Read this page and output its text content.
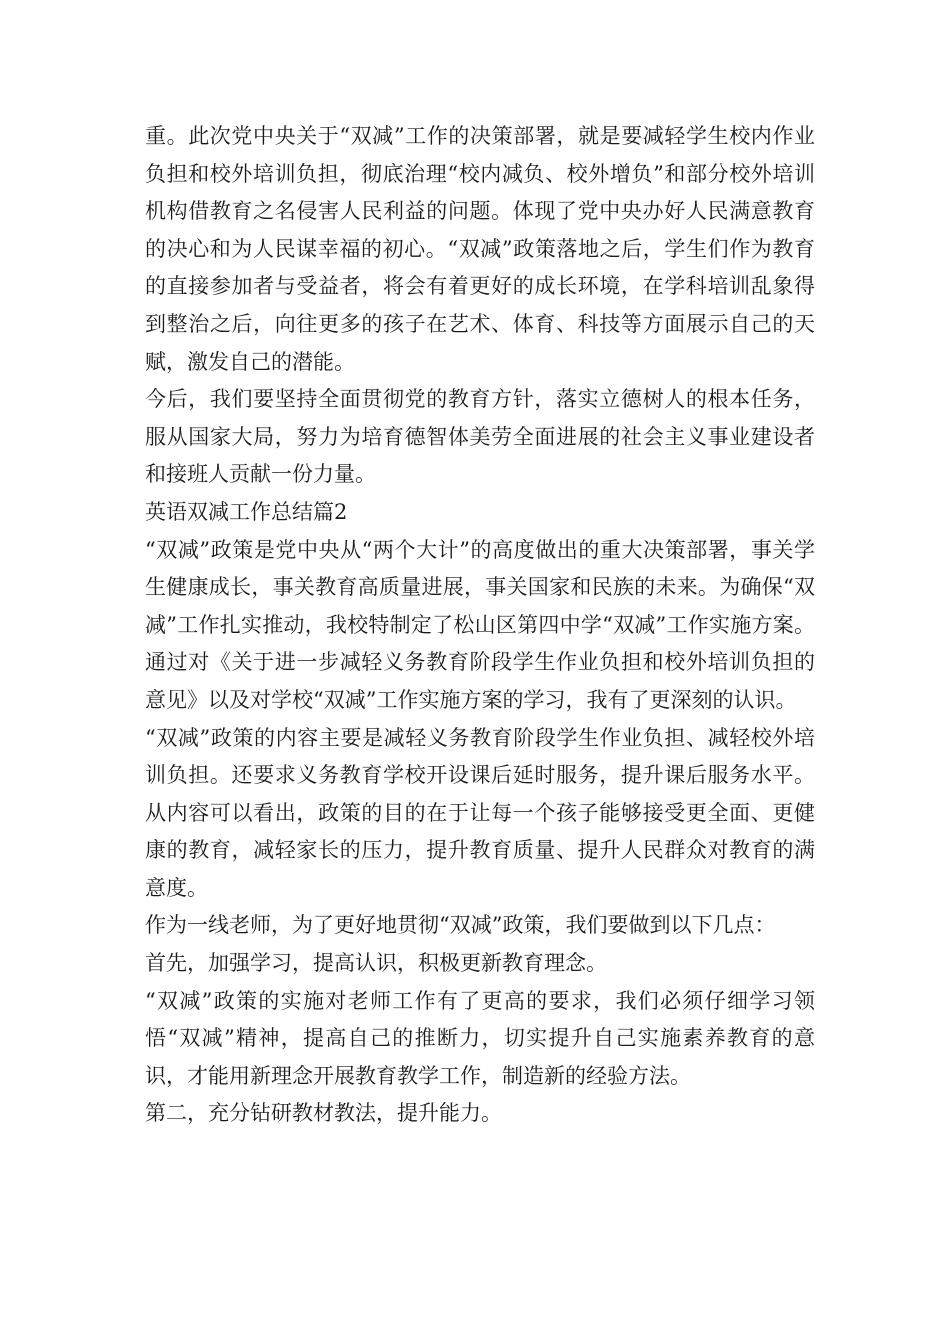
重。此次党中央关于“双减”工作的决策部署，就是要减轻学生校内作业负担和校外培训负担，彻底治理“校内减负、校外增负”和部分校外培训机构借教育之名侵害人民利益的问题。体现了党中央办好人民满意教育的决心和为人民谋幸福的初心。“双减”政策落地之后，学生们作为教育的直接参加者与受益者，将会有着更好的成长环境，在学科培训乱象得到整治之后，向往更多的孩子在艺术、体育、科技等方面展示自己的天赋，激发自己的潜能。

今后，我们要坚持全面贯彻党的教育方针，落实立德树人的根本任务，服从国家大局，努力为培育德智体美劳全面进展的社会主义事业建设者和接班人贡献一份力量。

英语双减工作总结篇2

“双减”政策是党中央从“两个大计”的高度做出的重大决策部署，事关学生健康成长，事关教育高质量进展，事关国家和民族的未来。为确保“双减”工作扎实推动，我校特制定了松山区第四中学“双减”工作实施方案。通过对《关于进一步减轻义务教育阶段学生作业负担和校外培训负担的意见》以及对学校“双减”工作实施方案的学习，我有了更深刻的认识。

“双减”政策的内容主要是减轻义务教育阶段学生作业负担、减轻校外培训负担。还要求义务教育学校开设课后延时服务，提升课后服务水平。从内容可以看出，政策的目的在于让每一个孩子能够接受更全面、更健康的教育，减轻家长的压力，提升教育质量、提升人民群众对教育的满意度。

作为一线老师，为了更好地贯彻“双减”政策，我们要做到以下几点：

首先，加强学习，提高认识，积极更新教育理念。

“双减”政策的实施对老师工作有了更高的要求，我们必须仔细学习领悟“双减”精神，提高自己的推断力，切实提升自己实施素养教育的意识，才能用新理念开展教育教学工作，制造新的经验方法。

第二，充分钻研教材教法，提升能力。
